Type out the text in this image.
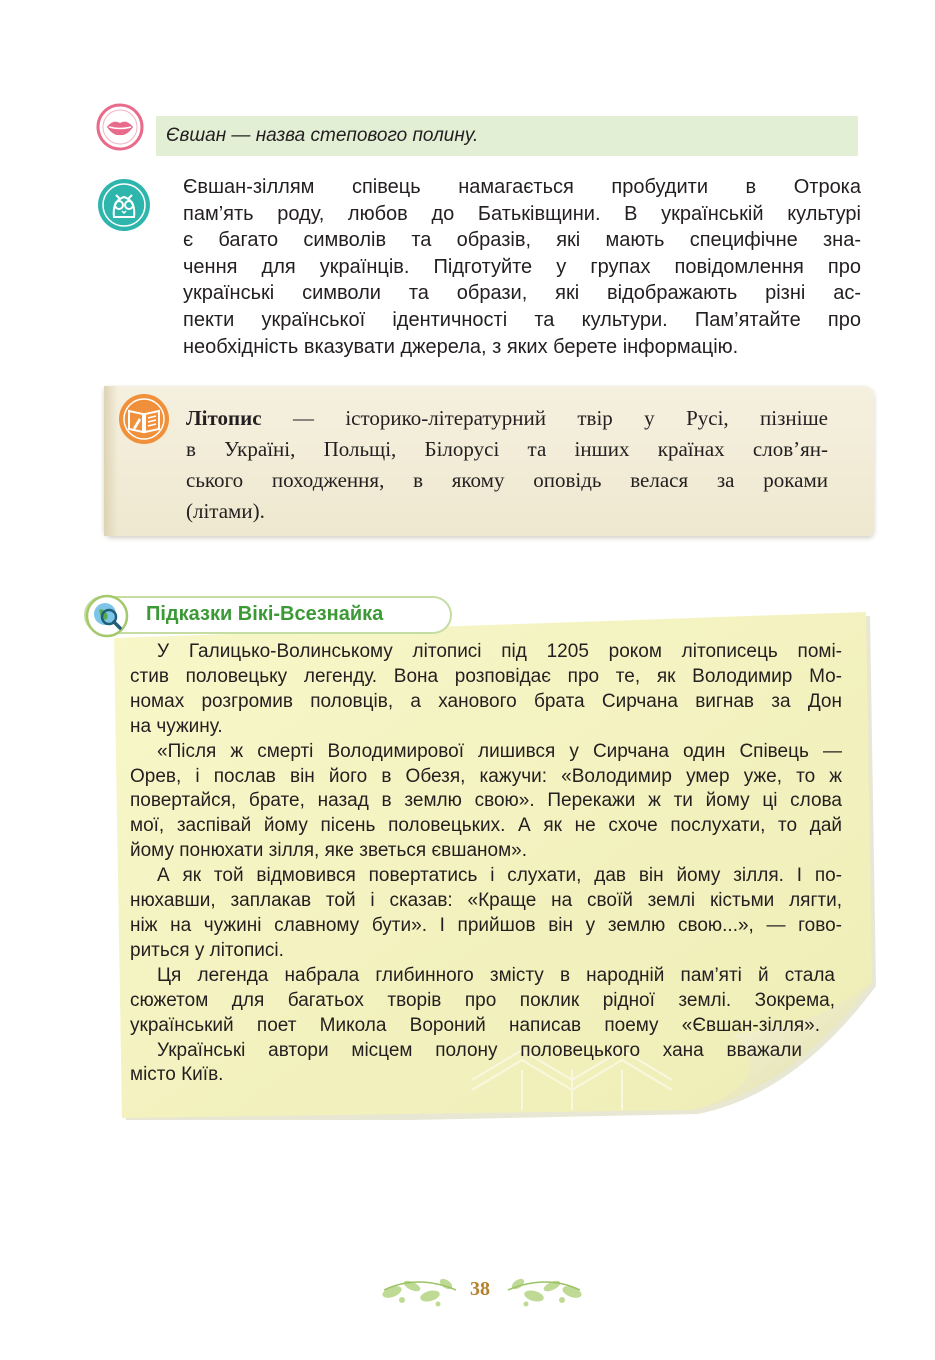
Євшан — назва степового полину.
Євшан-зіллям співець намагається пробудити в Отрока
пам’ять роду, любов до Батьківщини. В українській культурі
є багато символів та образів, які мають специфічне зна-
чення для українців. Підготуйте у групах повідомлення про
українські символи та образи, які відображають різні ас-
пекти української ідентичності та культури. Пам’ятайте про
необхідність вказувати джерела, з яких берете інформацію.
Літопис — історико-літературний твір у Русі, пізніше
в Україні, Польщі, Білорусі та інших країнах слов’ян-
ського походження, в якому оповідь велася за роками
(літами).
Підказки Вікі-Всезнайка
У Галицько-Волинському літописі під 1205 роком літописець помі-
стив половецьку легенду. Вона розповідає про те, як Володимир Мо-
номах розгромив половців, а ханового брата Сирчана вигнав за Дон
на чужину.
«Після ж смерті Володимирової лишився у Сирчана один Співець —
Орев, і послав він його в Обезя, кажучи: «Володимир умер уже, то ж
повертайся, брате, назад в землю свою». Перекажи ж ти йому ці слова
мої, заспівай йому пісень половецьких. А як не схоче послухати, то дай
йому понюхати зілля, яке зветься євшаном».
А як той відмовився повертатись і слухати, дав він йому зілля. І по-
нюхавши, заплакав той і сказав: «Краще на своїй землі кістьми лягти,
ніж на чужині славному бути». І прийшов він у землю свою...», — гово-
риться у літописі.
Ця легенда набрала глибинного змісту в народній пам’яті й стала
сюжетом для багатьох творів про поклик рідної землі. Зокрема,
український поет Микола Вороний написав поему «Євшан-зілля».
Українські автори місцем полону половецького хана вважали
місто Київ.
38
